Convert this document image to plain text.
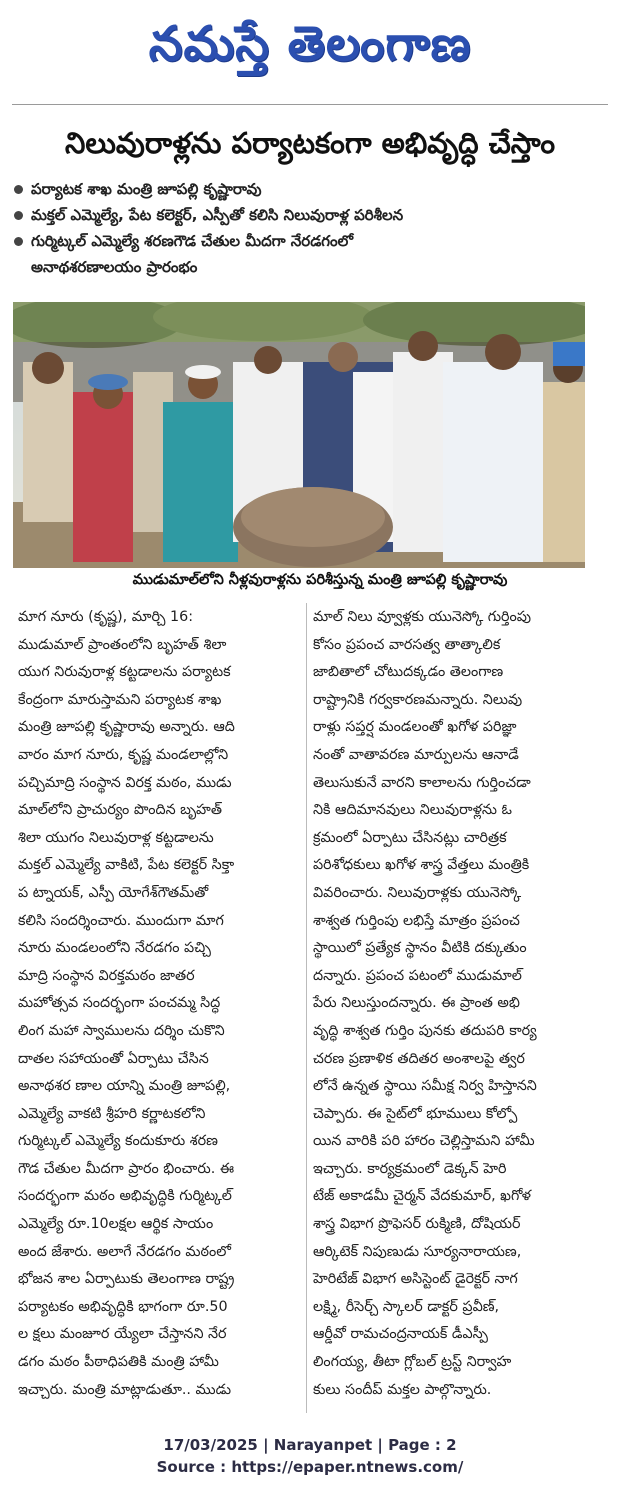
నమస్తే తెలంగాణ
నిలువురాళ్లను పర్యాటకంగా అభివృద్ధి చేస్తాం
పర్యాటక శాఖ మంత్రి జూపల్లి కృష్ణారావు
మక్తల్ ఎమ్మెల్యే, పేట కలెక్టర్, ఎస్పీతో కలిసి నిలువురాళ్ల పరిశీలన
గుర్మిట్కల్ ఎమ్మెల్యే శరణగౌడ చేతుల మీదగా నేరడగంలో
అనాథశరణాలయం ప్రారంభం
ముడుమాల్‌లోని నీళ్లవురాళ్లను పరిశీస్తున్న మంత్రి జూపల్లి కృష్ణారావు

మాగ నూరు (కృష్ణ), మార్చి 16:

ముడుమాల్ ప్రాంతంలోని బృహత్ శిలా

యుగ నిరువురాళ్ల కట్టడాలను పర్యాటక

కేంద్రంగా మారుస్తామని పర్యాటక శాఖ

మంత్రి జూపల్లి కృష్ణారావు అన్నారు. ఆది

వారం మాగ నూరు, కృష్ణ మండలాల్లోని

పచ్చిమాద్రి సంస్థాన విరక్త మఠం, ముడు

మాల్‌లోని ప్రాచుర్యం పొందిన బృహత్

శిలా యుగం నిలువురాళ్ల కట్టడాలను

మక్తల్ ఎమ్మెల్యే వాకిటి, పేట కలెక్టర్ సిక్తా

ప ట్నాయక్, ఎస్పీ యోగేశ్‌గౌతమ్‌తో

కలిసి సందర్శించారు. ముందుగా మాగ

నూరు మండలంలోని నేరడగం పచ్చి

మాద్రి సంస్థాన విరక్తమఠం జాతర

మహోత్సవ సందర్భంగా పంచమ్మ సిద్ధ

లింగ మహా స్వాములను దర్శిం చుకొని

దాతల సహాయంతో ఏర్పాటు చేసిన

అనాథశర ణాల యాన్ని మంత్రి జూపల్లి,

ఎమ్మెల్యే వాకటి శ్రీహరి కర్ణాటకలోని

గుర్మిట్కల్ ఎమ్మెల్యే కందుకూరు శరణ

గౌడ చేతుల మీదగా ప్రారం భించారు. ఈ

సందర్భంగా మఠం అభివృద్ధికి గుర్మిట్కల్

ఎమ్మెల్యే రూ.10లక్షల ఆర్థిక సాయం

అంద జేశారు. అలాగే నేరడగం మఠంలో

భోజన శాల ఏర్పాటుకు తెలంగాణ రాష్ట్ర

పర్యాటకం అభివృద్ధికి భాగంగా రూ.50

ల క్షలు మంజూర య్యేలా చేస్తానని నేర

డగం మఠం పీఠాధిపతికి మంత్రి హామీ

ఇచ్చారు. మంత్రి మాట్లాడుతూ.. ముడు

మాల్ నిలు వ్వూళ్లకు యునెస్కో గుర్తింపు

కోసం ప్రపంచ వారసత్వ తాత్కాలిక

జాబితాలో చోటుదక్కడం తెలంగాణ

రాష్ట్రానికి గర్వకారణమన్నారు. నిలువు

రాళ్లు సప్తర్ష మండలంతో ఖగోళ పరిజ్ఞా

నంతో వాతావరణ మార్పులను ఆనాడే

తెలుసుకునే వారని కాలాలను గుర్తించడా

నికి ఆదిమానవులు నిలువురాళ్లను ఓ

క్రమంలో ఏర్పాటు చేసినట్లు చారిత్రక

పరిశోధకులు ఖగోళ శాస్త్ర వేత్తలు మంత్రికి

వివరించారు. నిలువురాళ్లకు యునెస్కో

శాశ్వత గుర్తింపు లభిస్తే మాత్రం ప్రపంచ

స్థాయిలో ప్రత్యేక స్థానం వీటికి దక్కుతుం

దన్నారు. ప్రపంచ పటంలో ముడుమాల్

పేరు నిలుస్తుందన్నారు. ఈ ప్రాంత అభి

వృద్ధి శాశ్వత గుర్తిం పునకు తదుపరి కార్య

చరణ ప్రణాళిక తదితర అంశాలపై త్వర

లోనే ఉన్నత స్థాయి సమీక్ష నిర్వ హిస్తానని

చెప్పారు. ఈ సైట్‌లో భూములు కోల్పో

యిన వారికి పరి హారం చెల్లిస్తామని హామీ

ఇచ్చారు. కార్యక్రమంలో డెక్కన్ హెరి

టేజ్ అకాడమీ చైర్మన్ వేదకుమార్, ఖగోళ

శాస్త్ర విభాగ ప్రొఫెసర్ రుక్మిణి, దోషియర్

ఆర్కిటెక్ నిపుణుడు సూర్యనారాయణ,

హెరిటేజ్ విభాగ అసిస్టెంట్ డైరెక్టర్ నాగ

లక్ష్మి, రీసెర్చ్ స్కాలర్ డాక్టర్ ప్రవీణ్,

ఆర్డీవో రామచంద్రనాయక్ డీఎస్పీ

లింగయ్య, తీటా గ్లోబల్ ట్రస్ట్ నిర్వాహ

కులు సందీప్ మక్తల పాల్గొన్నారు.

17/03/2025 | Narayanpet | Page : 2
Source : https://epaper.ntnews.com/
